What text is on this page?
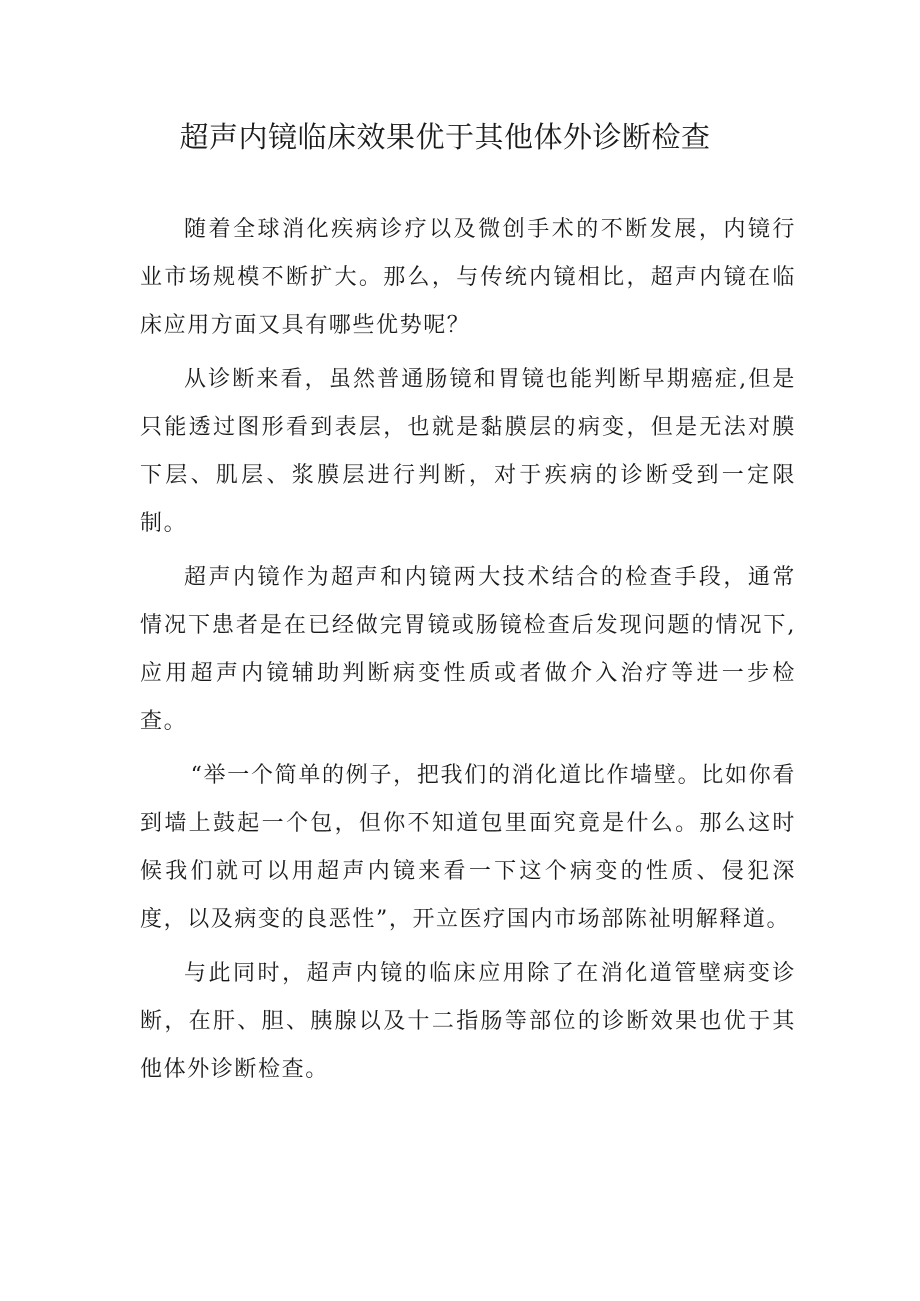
超声内镜临床效果优于其他体外诊断检查

随着全球消化疾病诊疗以及微创手术的不断发展，内镜行业市场规模不断扩大。那么，与传统内镜相比，超声内镜在临床应用方面又具有哪些优势呢？

从诊断来看，虽然普通肠镜和胃镜也能判断早期癌症,但是只能透过图形看到表层，也就是黏膜层的病变，但是无法对膜下层、肌层、浆膜层进行判断，对于疾病的诊断受到一定限制。

超声内镜作为超声和内镜两大技术结合的检查手段，通常情况下患者是在已经做完胃镜或肠镜检查后发现问题的情况下,应用超声内镜辅助判断病变性质或者做介入治疗等进一步检查。

“举一个简单的例子，把我们的消化道比作墙壁。比如你看到墙上鼓起一个包，但你不知道包里面究竟是什么。那么这时候我们就可以用超声内镜来看一下这个病变的性质、侵犯深度，以及病变的良恶性”，开立医疗国内市场部陈祉明解释道。

与此同时，超声内镜的临床应用除了在消化道管壁病变诊断，在肝、胆、胰腺以及十二指肠等部位的诊断效果也优于其他体外诊断检查。
